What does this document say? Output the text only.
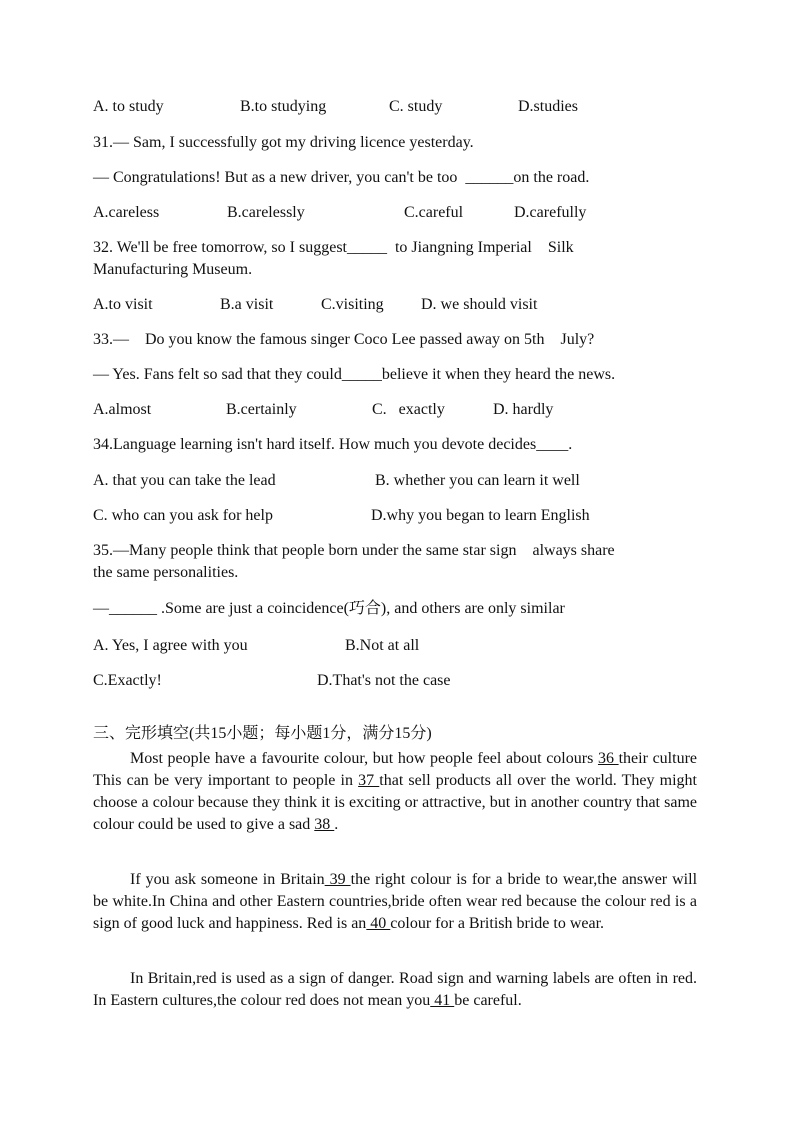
A. to study	B.to studying	C. study	D.studies
31.— Sam, I successfully got my driving licence yesterday.
— Congratulations! But as a new driver, you can't be too  ______on the road.
A.careless	B.carelessly	C.careful	D.carefully
32. We'll be free tomorrow, so I suggest_____  to Jiangning Imperial    Silk
Manufacturing Museum.
A.to visit	B.a visit	C.visiting D. we should visit
33.—    Do you know the famous singer Coco Lee passed away on 5th    July?
— Yes. Fans felt so sad that they could_____believe it when they heard the news.
A.almost	B.certainly	C.   exactly	D. hardly
34.Language learning isn't hard itself. How much you devote decides____.
A. that you can take the lead	B. whether you can learn it well
C. who can you ask for help	D.why you began to learn English
35.—Many people think that people born under the same star sign    always share
the same personalities.
—______ .Some are just a coincidence(巧合), and others are only similar
A. Yes, I agree with you	B.Not at all
C.Exactly!	D.That's not the case
三、完形填空(共15小题；每小题1分，满分15分)
Most people have a favourite colour, but how people feel about colours 36 their culture This can be very important to people in 37 that sell products all over the world. They might choose a colour because they think it is exciting or attractive, but in another country that same colour could be used to give a sad 38 .
If you ask someone in Britain 39 the right colour is for a bride to wear,the answer will be white.In China and other Eastern countries,bride often wear red because the colour red is a sign of good luck and happiness. Red is an 40 colour for a British bride to wear.
In Britain,red is used as a sign of danger. Road sign and warning labels are often in red. In Eastern cultures,the colour red does not mean you 41 be careful.
